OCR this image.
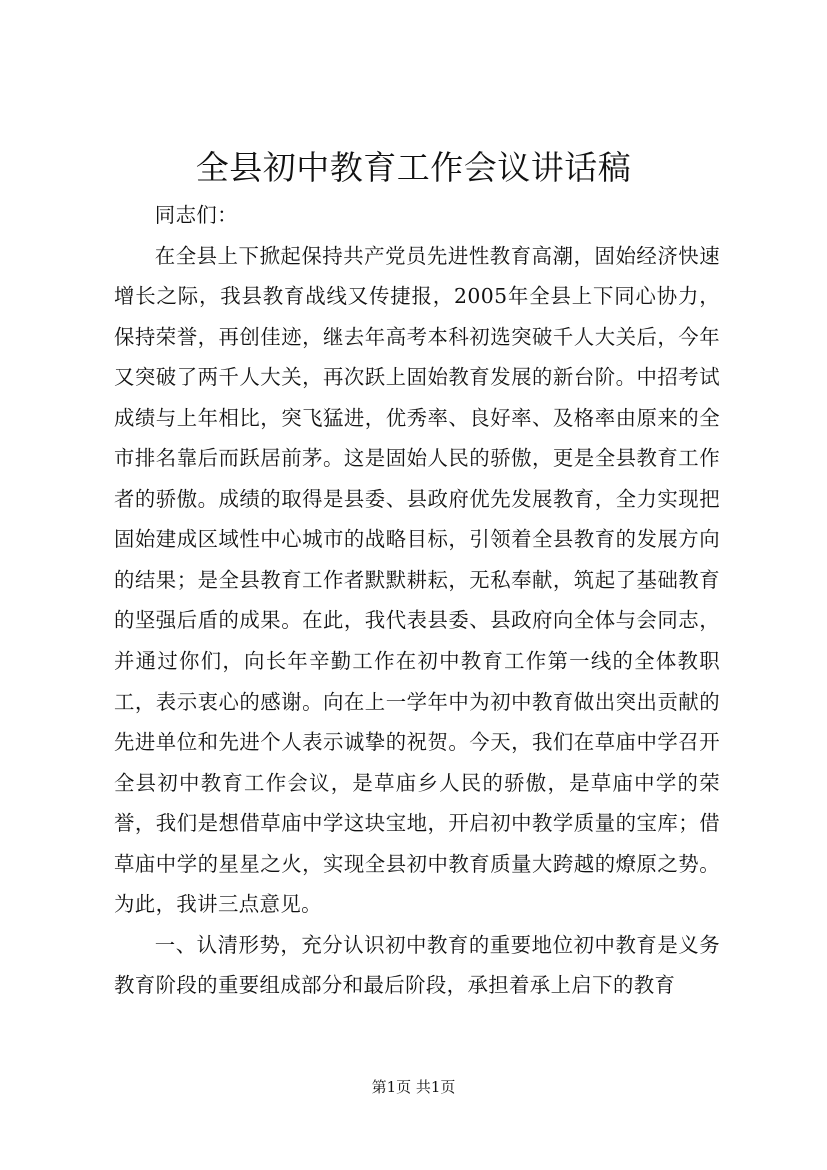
全县初中教育工作会议讲话稿

同志们：

在全县上下掀起保持共产党员先进性教育高潮，固始经济快速增长之际，我县教育战线又传捷报，2005年全县上下同心协力，保持荣誉，再创佳迹，继去年高考本科初选突破千人大关后，今年又突破了两千人大关，再次跃上固始教育发展的新台阶。中招考试成绩与上年相比，突飞猛进，优秀率、良好率、及格率由原来的全市排名靠后而跃居前茅。这是固始人民的骄傲，更是全县教育工作者的骄傲。成绩的取得是县委、县政府优先发展教育，全力实现把固始建成区域性中心城市的战略目标，引领着全县教育的发展方向的结果；是全县教育工作者默默耕耘，无私奉献，筑起了基础教育的坚强后盾的成果。在此，我代表县委、县政府向全体与会同志，并通过你们，向长年辛勤工作在初中教育工作第一线的全体教职工，表示衷心的感谢。向在上一学年中为初中教育做出突出贡献的先进单位和先进个人表示诚挚的祝贺。今天，我们在草庙中学召开全县初中教育工作会议，是草庙乡人民的骄傲，是草庙中学的荣誉，我们是想借草庙中学这块宝地，开启初中教学质量的宝库；借草庙中学的星星之火，实现全县初中教育质量大跨越的燎原之势。为此，我讲三点意见。

一、认清形势，充分认识初中教育的重要地位初中教育是义务教育阶段的重要组成部分和最后阶段，承担着承上启下的教育

第1页 共1页
